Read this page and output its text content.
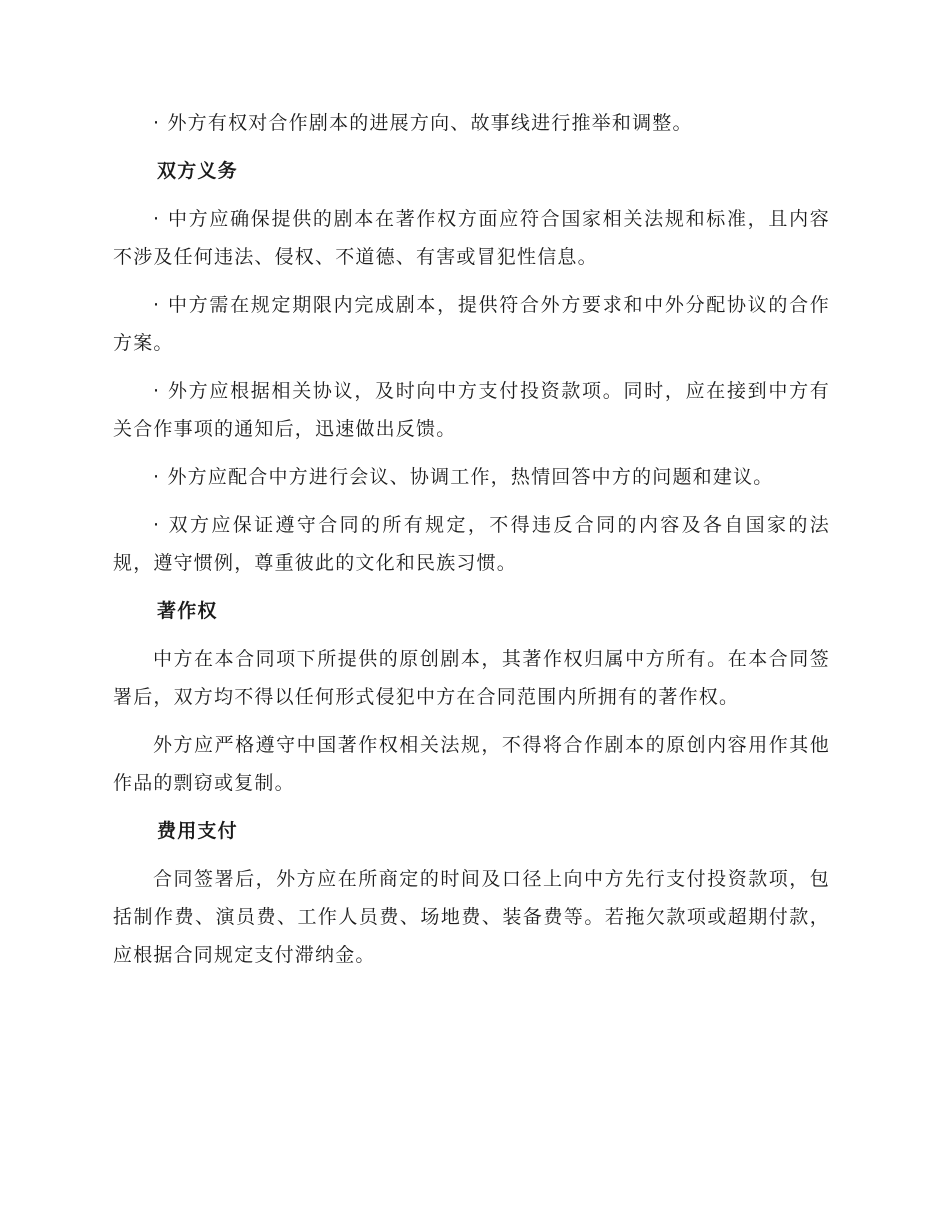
· 外方有权对合作剧本的进展方向、故事线进行推举和调整。

双方义务

· 中方应确保提供的剧本在著作权方面应符合国家相关法规和标准，且内容不涉及任何违法、侵权、不道德、有害或冒犯性信息。

· 中方需在规定期限内完成剧本，提供符合外方要求和中外分配协议的合作方案。

· 外方应根据相关协议，及时向中方支付投资款项。同时，应在接到中方有关合作事项的通知后，迅速做出反馈。

· 外方应配合中方进行会议、协调工作，热情回答中方的问题和建议。

· 双方应保证遵守合同的所有规定，不得违反合同的内容及各自国家的法规，遵守惯例，尊重彼此的文化和民族习惯。

著作权

中方在本合同项下所提供的原创剧本，其著作权归属中方所有。在本合同签署后，双方均不得以任何形式侵犯中方在合同范围内所拥有的著作权。

外方应严格遵守中国著作权相关法规，不得将合作剧本的原创内容用作其他作品的剽窃或复制。

费用支付

合同签署后，外方应在所商定的时间及口径上向中方先行支付投资款项，包括制作费、演员费、工作人员费、场地费、装备费等。若拖欠款项或超期付款，应根据合同规定支付滞纳金。
